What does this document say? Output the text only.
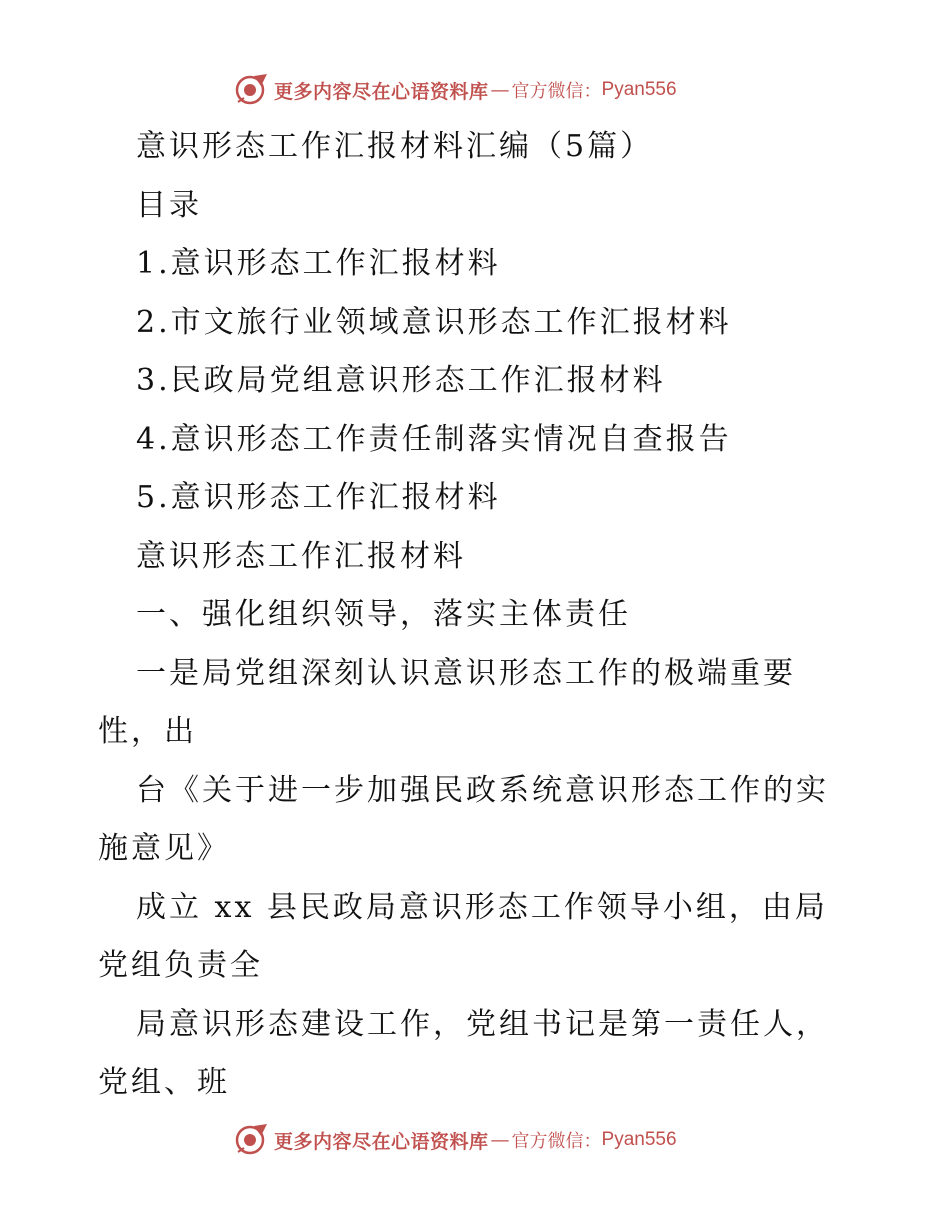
更多内容尽在心语资料库 — 官方微信： Pyan556
意识形态工作汇报材料汇编（5篇）
目录
1.意识形态工作汇报材料
2.市文旅行业领域意识形态工作汇报材料
3.民政局党组意识形态工作汇报材料
4.意识形态工作责任制落实情况自查报告
5.意识形态工作汇报材料
意识形态工作汇报材料
一、强化组织领导，落实主体责任
一是局党组深刻认识意识形态工作的极端重要
性，出
台《关于进一步加强民政系统意识形态工作的实
施意见》
成立 xx 县民政局意识形态工作领导小组，由局
党组负责全
局意识形态建设工作，党组书记是第一责任人，
党组、班
更多内容尽在心语资料库 — 官方微信： Pyan556
